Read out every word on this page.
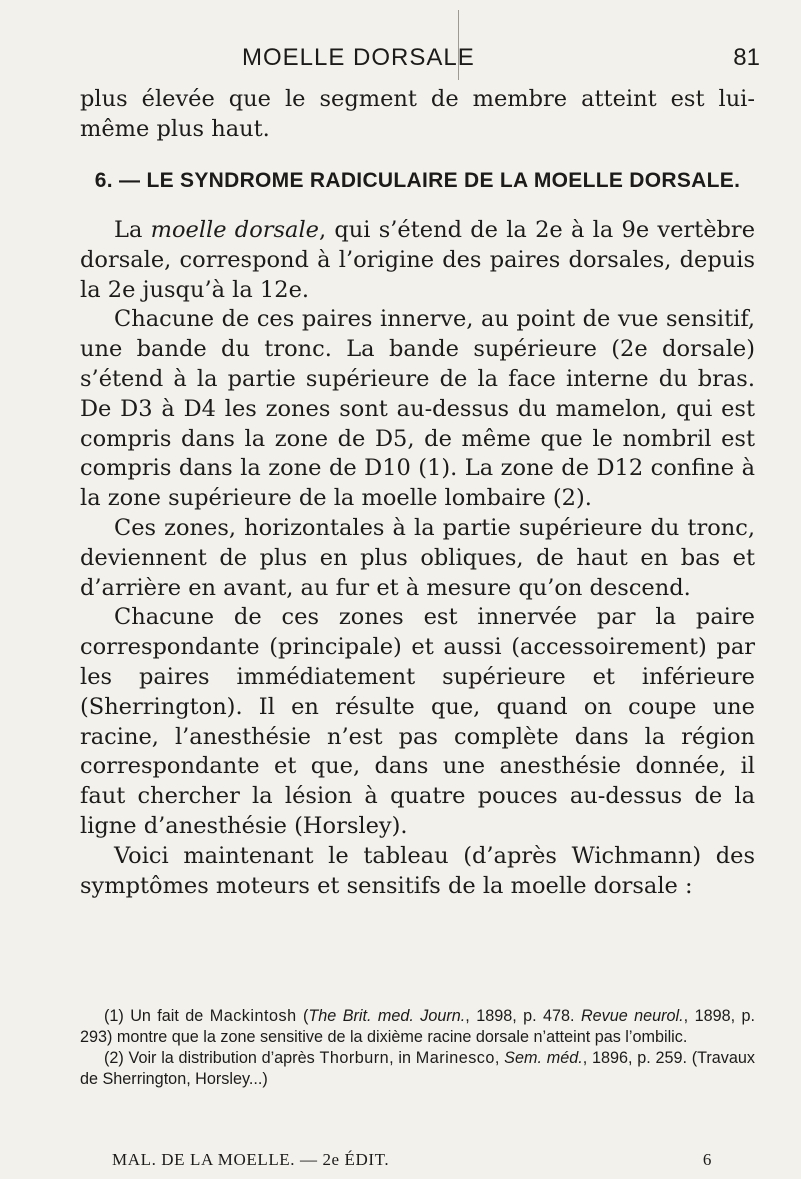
MOELLE DORSALE	81

plus élevée que le segment de membre atteint est lui-même plus haut.

6. — LE SYNDROME RADICULAIRE DE LA MOELLE DORSALE.

La moelle dorsale, qui s’étend de la 2e à la 9e vertèbre dorsale, correspond à l’origine des paires dorsales, depuis la 2e jusqu’à la 12e.

Chacune de ces paires innerve, au point de vue sensitif, une bande du tronc. La bande supérieure (2e dorsale) s’étend à la partie supérieure de la face interne du bras. De D3 à D4 les zones sont au-dessus du mamelon, qui est compris dans la zone de D5, de même que le nombril est compris dans la zone de D10 (1). La zone de D12 confine à la zone supérieure de la moelle lombaire (2).

Ces zones, horizontales à la partie supérieure du tronc, deviennent de plus en plus obliques, de haut en bas et d’arrière en avant, au fur et à mesure qu’on descend.

Chacune de ces zones est innervée par la paire correspondante (principale) et aussi (accessoirement) par les paires immédiatement supérieure et inférieure (Sherrington). Il en résulte que, quand on coupe une racine, l’anesthésie n’est pas complète dans la région correspondante et que, dans une anesthésie donnée, il faut chercher la lésion à quatre pouces au-dessus de la ligne d’anesthésie (Horsley).

Voici maintenant le tableau (d’après Wichmann) des symptômes moteurs et sensitifs de la moelle dorsale :

(1) Un fait de Mackintosh (The Brit. med. Journ., 1898, p. 478. Revue neurol., 1898, p. 293) montre que la zone sensitive de la dixième racine dorsale n’atteint pas l’ombilic.

(2) Voir la distribution d’après Thorburn, in Marinesco, Sem. méd., 1896, p. 259. (Travaux de Sherrington, Horsley...)

MAL. DE LA MOELLE. — 2e ÉDIT.	6
